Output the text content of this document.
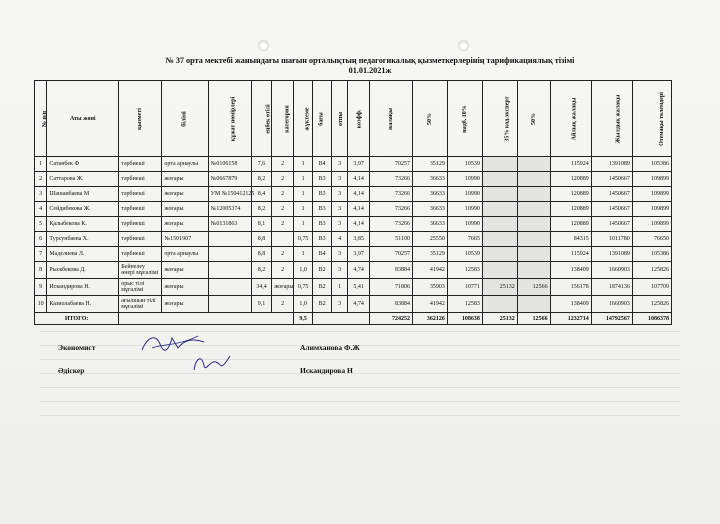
№ 37 орта мектебі жанындағы шағын орталықтың педагогикалық қызметкерлерінің тарификациялық тізімі
01.01.2021ж
№ п/п	Аты жөні	қызметі	білімі	құжат нөмірлері	еңбек өтілі	категория	жүктеме	бағы	отпы	коэфф.	жалақы	50%	надб. 10%	35% код.эксперт	50%	Айлық жалақы	Жылдық жалақы	Отемақы төлемдері
1	Сатанбек Ф	тәрбиеші	орта арнаулы	№0106158	7,6	2	1	В4	3	3,97	70257	35129	10539			115924	1391089	105386
2	Саттарова Ж.	тәрбиеші	жоғары	№0667879	8,2	2	1	В3	3	4,14	73266	36633	10990			120889	1450667	109899
3	Шашаибаева М	тәрбиеші	жоғары	УМ №150412125	8,4	2	1	В3	3	4,14	73266	36633	10990			120889	1450667	109899
4	Сейдибекова Ж.	тәрбиеші	жоғары	№12005374	8,2	2	1	В3	3	4,14	73266	36633	10990			120889	1450667	109899
5	Қалыбекова К.	тәрбиеші	жоғары	№0131863	8,1	2	1	В3	3	4,14	73266	36633	10990			120889	1450667	109899
6	Турсунбаева Х.	тәрбиеші	№1501907		8,8		0,75	В3	4	3,85	51100	25550	7665			84315	1011780	76650
7	Маделиева Л.	тәрбиеші	орта арнаулы		8,8	2	1	В4	3	3,97	70257	35129	10539			115924	1391089	105386
8	Рыскбекова Д.	Бейнелеу өнері мұғалімі	жоғары		8,2	2	1,0	В2	3	4,74	83884	41942	12583			138409	1660903	125826
9	Искандирова Н.	орыс тілі мұғалімі	жоғары		34,4	жоғары	0,75	В2	1	5,41	71806	35903	10771	25132	12566	156178	1874136	107709
10	Казиолабаева Н.	ағылшын тілі мұғалімі	жоғары		9,1	2	1,0	В2	3	4,74	83884	41942	12583			138409	1660903	125826
ИТОГО:							9,5				724252	362126	108638	25132	12566	1232714	14792567	1086378
Экономист	Алимханова Ф.Ж
Әдіскер	Искандирова Н
